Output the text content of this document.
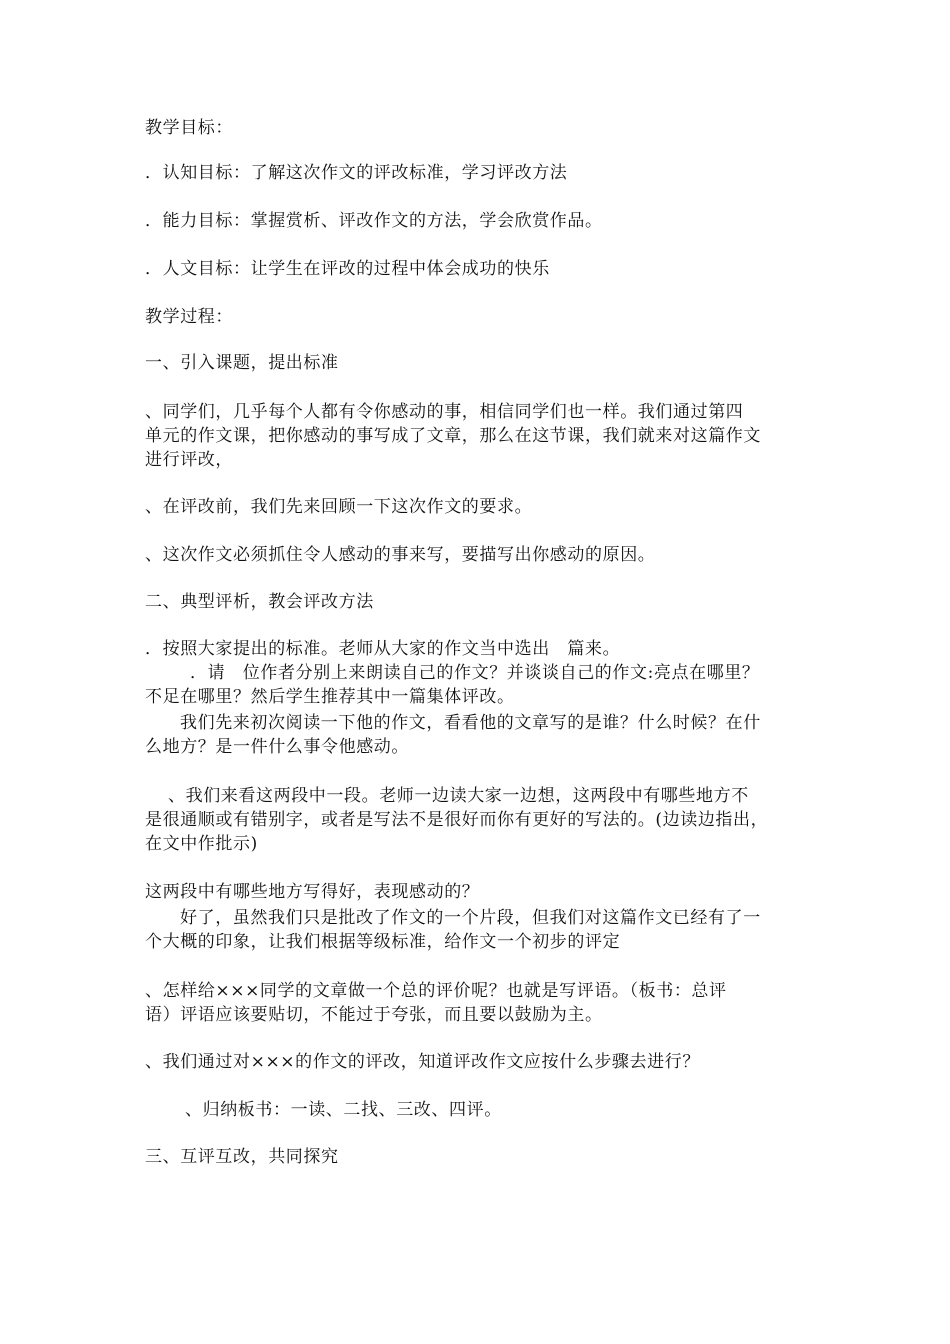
教学目标：
．认知目标：了解这次作文的评改标准，学习评改方法
．能力目标：掌握赏析、评改作文的方法，学会欣赏作品。
．人文目标：让学生在评改的过程中体会成功的快乐
教学过程：
一、引入课题，提出标准
、同学们，几乎每个人都有令你感动的事，相信同学们也一样。我们通过第四
单元的作文课，把你感动的事写成了文章，那么在这节课，我们就来对这篇作文
进行评改，
、在评改前，我们先来回顾一下这次作文的要求。
、这次作文必须抓住令人感动的事来写，要描写出你感动的原因。
二、典型评析，教会评改方法
．按照大家提出的标准。老师从大家的作文当中选出　篇来。
．请　位作者分别上来朗读自己的作文？并谈谈自己的作文:亮点在哪里？
不足在哪里？然后学生推荐其中一篇集体评改。
我们先来初次阅读一下他的作文，看看他的文章写的是谁？什么时候？在什
么地方？是一件什么事令他感动。
、我们来看这两段中一段。老师一边读大家一边想，这两段中有哪些地方不
是很通顺或有错别字，或者是写法不是很好而你有更好的写法的。(边读边指出，
在文中作批示)
这两段中有哪些地方写得好，表现感动的？
好了，虽然我们只是批改了作文的一个片段，但我们对这篇作文已经有了一
个大概的印象，让我们根据等级标准，给作文一个初步的评定
、怎样给×××同学的文章做一个总的评价呢？也就是写评语。（板书：总评
语）评语应该要贴切，不能过于夸张，而且要以鼓励为主。
、我们通过对×××的作文的评改，知道评改作文应按什么步骤去进行？
、归纳板书：一读、二找、三改、四评。
三、互评互改，共同探究
